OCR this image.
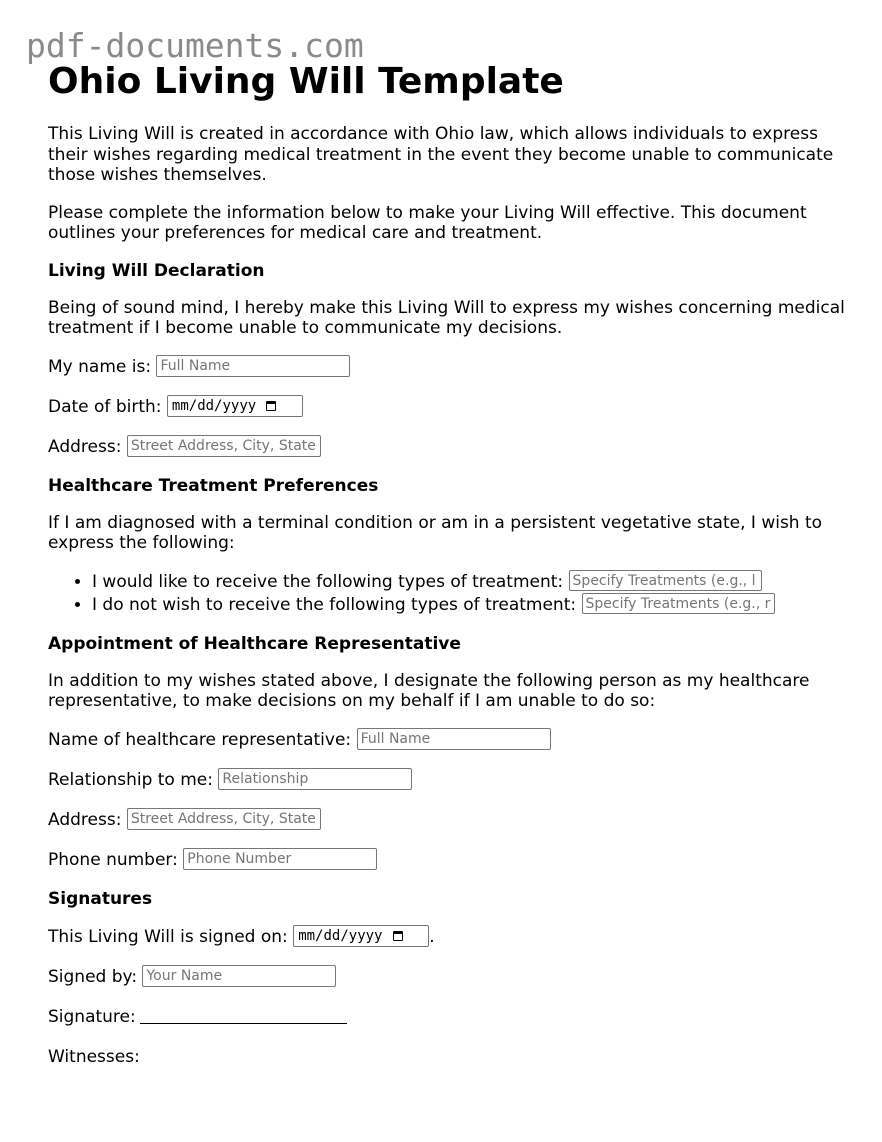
pdf-documents.com
Ohio Living Will Template

This Living Will is created in accordance with Ohio law, which allows individuals to express their wishes regarding medical treatment in the event they become unable to communicate those wishes themselves.

Please complete the information below to make your Living Will effective. This document outlines your preferences for medical care and treatment.

Living Will Declaration

Being of sound mind, I hereby make this Living Will to express my wishes concerning medical treatment if I become unable to communicate my decisions.

My name is: Full Name
Date of birth: mm/dd/yyyy
Address: Street Address, City, State
Healthcare Treatment Preferences

If I am diagnosed with a terminal condition or am in a persistent vegetative state, I wish to express the following:

• I would like to receive the following types of treatment: Specify Treatments (e.g., l
• I do not wish to receive the following types of treatment: Specify Treatments (e.g., r
Appointment of Healthcare Representative

In addition to my wishes stated above, I designate the following person as my healthcare representative, to make decisions on my behalf if I am unable to do so:

Name of healthcare representative: Full Name
Relationship to me: Relationship
Address: Street Address, City, State
Phone number: Phone Number
Signatures
This Living Will is signed on: mm/dd/yyyy	.
Signed by: Your Name
Signature:
Witnesses:
